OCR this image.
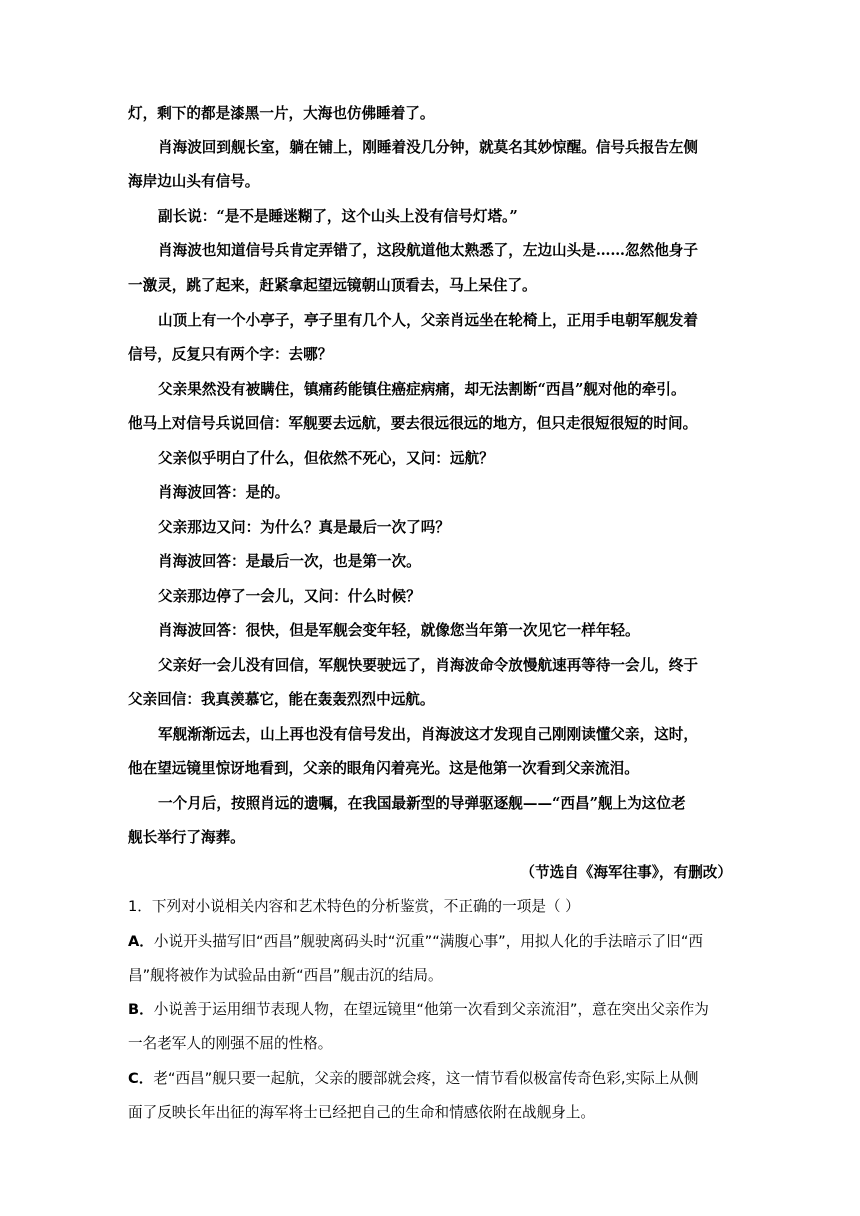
灯，剩下的都是漆黑一片，大海也仿佛睡着了。
肖海波回到舰长室，躺在铺上，刚睡着没几分钟，就莫名其妙惊醒。信号兵报告左侧
海岸边山头有信号。
副长说：“是不是睡迷糊了，这个山头上没有信号灯塔。”
肖海波也知道信号兵肯定弄错了，这段航道他太熟悉了，左边山头是……忽然他身子
一激灵，跳了起来，赶紧拿起望远镜朝山顶看去，马上呆住了。
山顶上有一个小亭子，亭子里有几个人，父亲肖远坐在轮椅上，正用手电朝军舰发着
信号，反复只有两个字：去哪？
父亲果然没有被瞒住，镇痛药能镇住癌症病痛，却无法割断“西昌”舰对他的牵引。
他马上对信号兵说回信：军舰要去远航，要去很远很远的地方，但只走很短很短的时间。
父亲似乎明白了什么，但依然不死心，又问：远航？
肖海波回答：是的。
父亲那边又问：为什么？真是最后一次了吗？
肖海波回答：是最后一次，也是第一次。
父亲那边停了一会儿，又问：什么时候？
肖海波回答：很快，但是军舰会变年轻，就像您当年第一次见它一样年轻。
父亲好一会儿没有回信，军舰快要驶远了，肖海波命令放慢航速再等待一会儿，终于
父亲回信：我真羡慕它，能在轰轰烈烈中远航。
军舰渐渐远去，山上再也没有信号发出，肖海波这才发现自己刚刚读懂父亲，这时，
他在望远镜里惊讶地看到，父亲的眼角闪着亮光。这是他第一次看到父亲流泪。
一个月后，按照肖远的遗嘱，在我国最新型的导弹驱逐舰——“西昌”舰上为这位老
舰长举行了海葬。
（节选自《海军往事》，有删改）
1．下列对小说相关内容和艺术特色的分析鉴赏，不正确的一项是（ ）
A．小说开头描写旧“西昌”舰驶离码头时“沉重”“满腹心事”，用拟人化的手法暗示了旧“西
昌”舰将被作为试验品由新“西昌”舰击沉的结局。
B．小说善于运用细节表现人物，在望远镜里“他第一次看到父亲流泪”，意在突出父亲作为
一名老军人的刚强不屈的性格。
C．老“西昌”舰只要一起航，父亲的腰部就会疼，这一情节看似极富传奇色彩,实际上从侧
面了反映长年出征的海军将士已经把自己的生命和情感依附在战舰身上。
